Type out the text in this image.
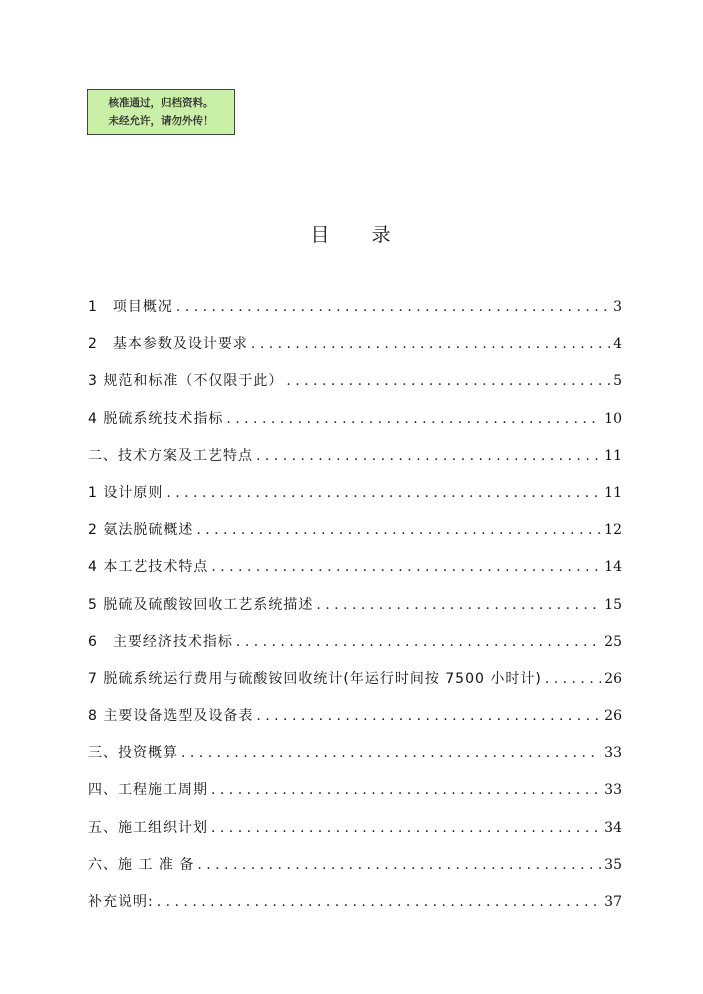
核准通过，归档资料。
未经允许，请勿外传！
目 录
1　项目概况 . . .	3
2　基本参数及设计要求 . . .	4
3 规范和标准（不仅限于此） . . .	5
4 脱硫系统技术指标 . . .	10
二、技术方案及工艺特点 . . .	11
1 设计原则 . . .	11
2 氨法脱硫概述 . . .	12
4 本工艺技术特点 . . .	14
5 脱硫及硫酸铵回收工艺系统描述 . . .	15
6　主要经济技术指标 . . .	25
7 脱硫系统运行费用与硫酸铵回收统计(年运行时间按 7500 小时计) . . .	26
8 主要设备选型及设备表 . . .	26
三、投资概算 . . .	33
四、工程施工周期 . . .	33
五、施工组织计划 . . .	34
六、施 工 准 备 . . .	35
补充说明: . . .	37
